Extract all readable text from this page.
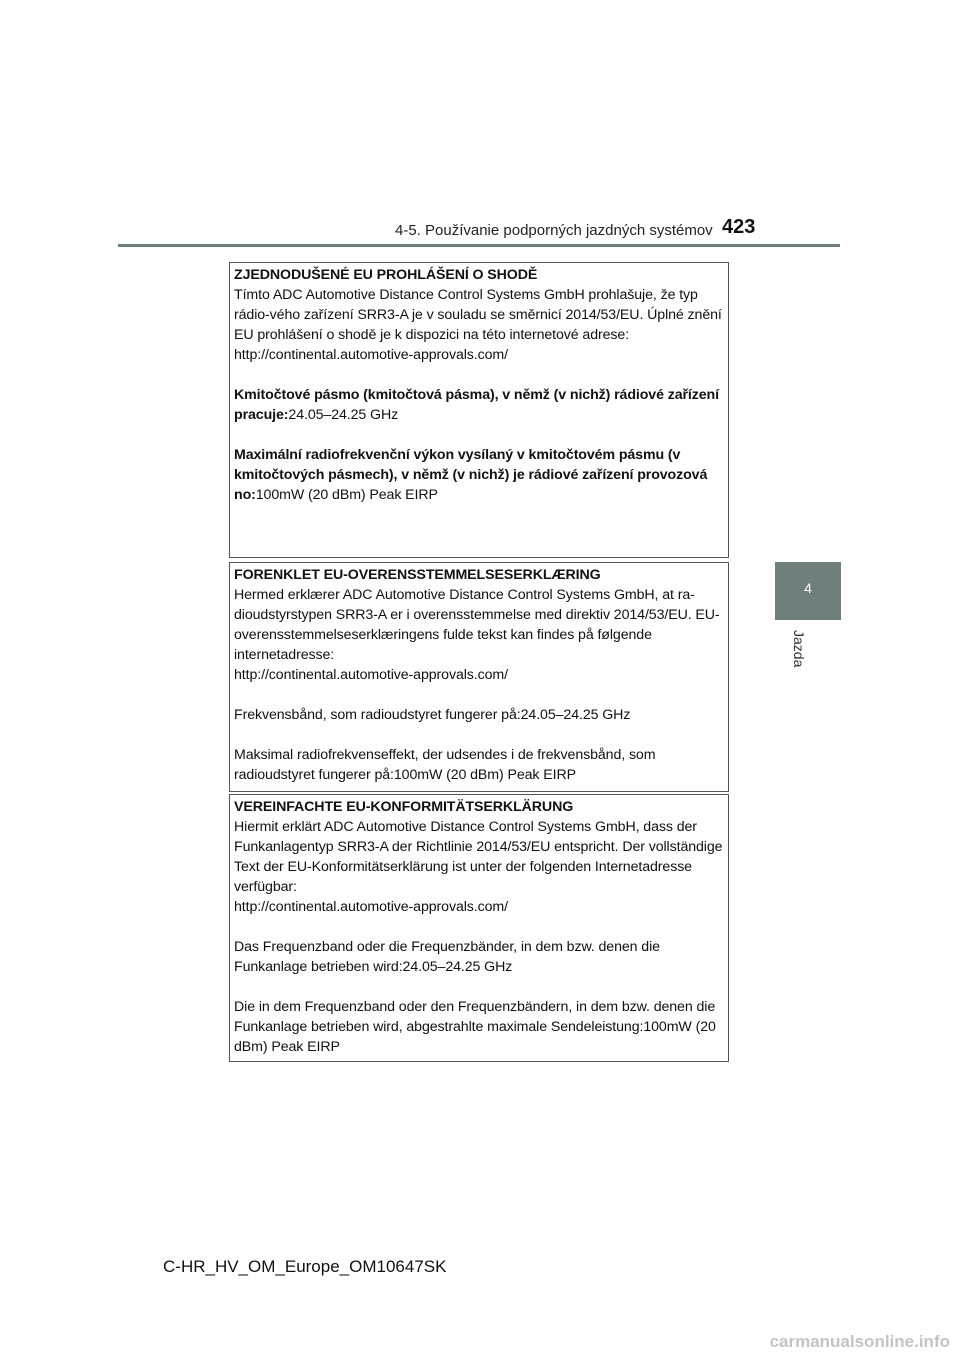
4-5. Používanie podporných jazdných systémov 423
4
Jazda

ZJEDNODUŠENÉ EU PROHLÁŠENÍ O SHODĚ

Tímto ADC Automotive Distance Control Systems GmbH prohlašuje, že typ rádio-vého zařízení SRR3-A je v souladu se směrnicí 2014/53/EU. Úplné znění EU prohlášení o shodě je k dispozici na této internetové adrese:

http://continental.automotive-approvals.com/

Kmitočtové pásmo (kmitočtová pásma), v němž (v nichž) rádiové zařízení pracuje:24.05–24.25 GHz

Maximální radiofrekvenční výkon vysílaný v kmitočtovém pásmu (v kmitočtových pásmech), v němž (v nichž) je rádiové zařízení provozová no:100mW (20 dBm) Peak EIRP

FORENKLET EU-OVERENSSTEMMELSESERKLÆRING

Hermed erklærer ADC Automotive Distance Control Systems GmbH, at ra-dioudstyrstypen SRR3-A er i overensstemmelse med direktiv 2014/53/EU. EU-overensstemmelseserklæringens fulde tekst kan findes på følgende internetadresse:

http://continental.automotive-approvals.com/

Frekvensbånd, som radioudstyret fungerer på:24.05–24.25 GHz

Maksimal radiofrekvenseffekt, der udsendes i de frekvensbånd, som radioudstyret fungerer på:100mW (20 dBm) Peak EIRP

VEREINFACHTE EU-KONFORMITÄTSERKLÄRUNG

Hiermit erklärt ADC Automotive Distance Control Systems GmbH, dass der Funkanlagentyp SRR3-A der Richtlinie 2014/53/EU entspricht. Der vollständige Text der EU-Konformitätserklärung ist unter der folgenden Internetadresse verfügbar:

http://continental.automotive-approvals.com/

Das Frequenzband oder die Frequenzbänder, in dem bzw. denen die Funkanlage betrieben wird:24.05–24.25 GHz

Die in dem Frequenzband oder den Frequenzbändern, in dem bzw. denen die Funkanlage betrieben wird, abgestrahlte maximale Sendeleistung:100mW (20 dBm) Peak EIRP

C-HR_HV_OM_Europe_OM10647SK
carmanualsonline.info
